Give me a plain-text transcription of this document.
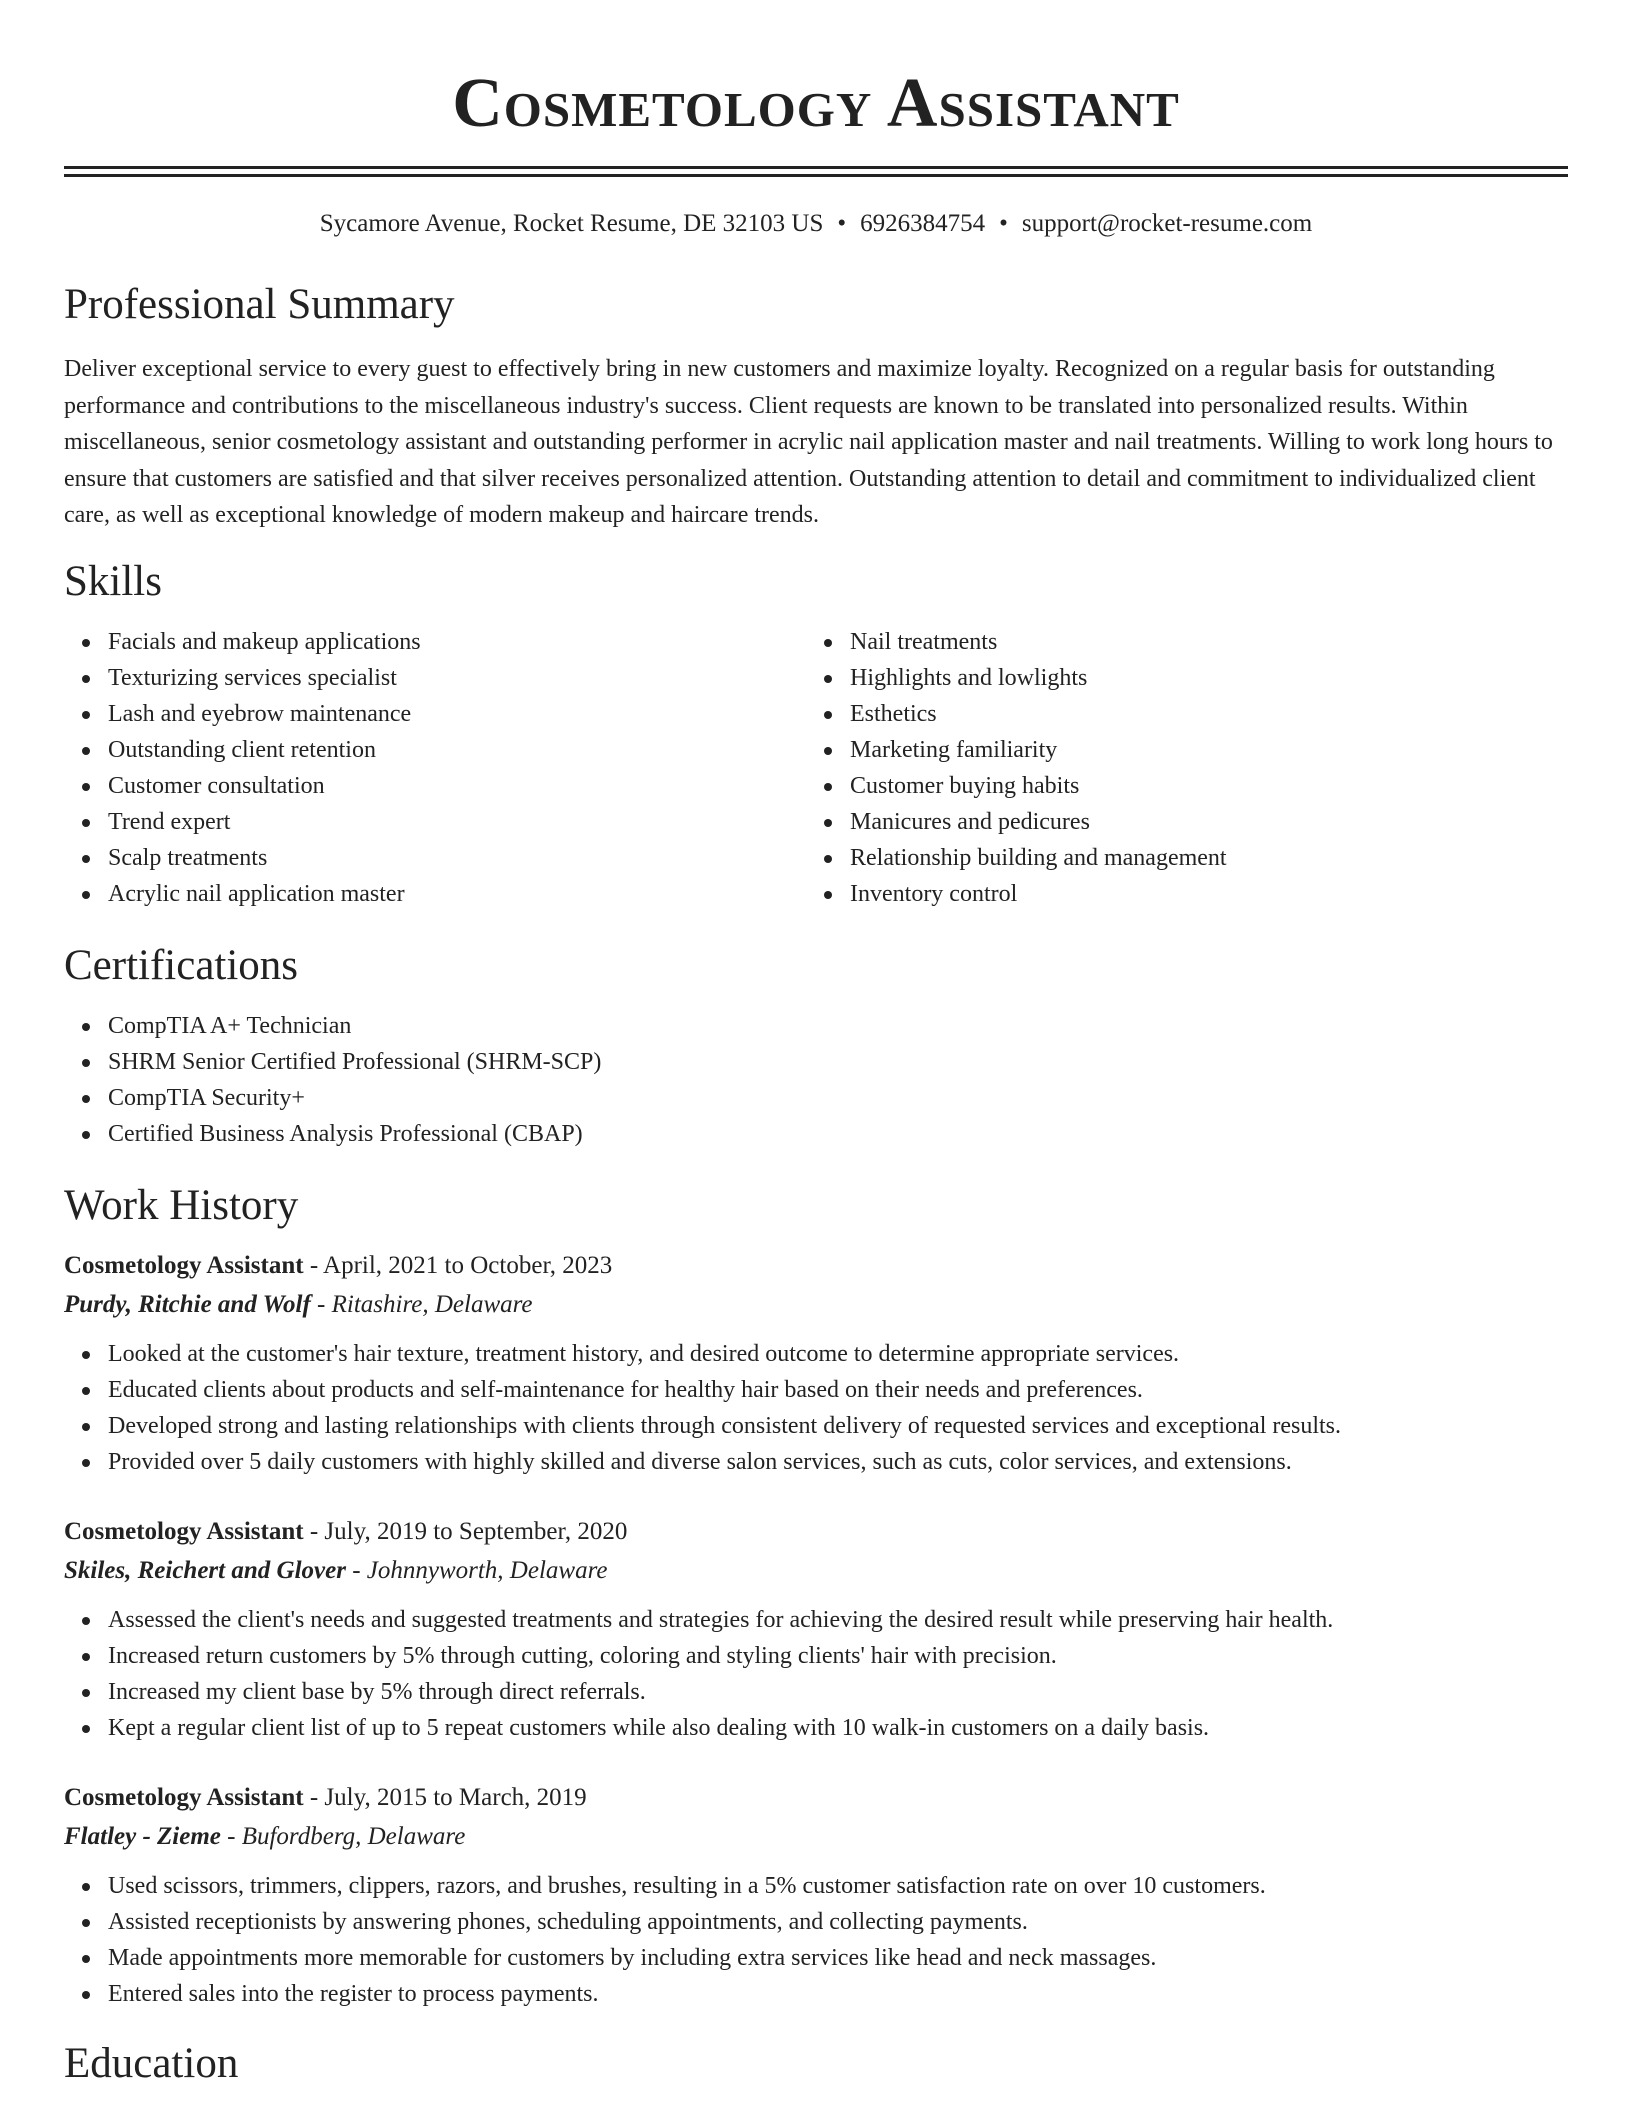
Cosmetology Assistant
Sycamore Avenue, Rocket Resume, DE 32103 US • 6926384754 • support@rocket-resume.com
Professional Summary

Deliver exceptional service to every guest to effectively bring in new customers and maximize loyalty. Recognized on a regular basis for outstanding performance and contributions to the miscellaneous industry's success. Client requests are known to be translated into personalized results. Within miscellaneous, senior cosmetology assistant and outstanding performer in acrylic nail application master and nail treatments. Willing to work long hours to ensure that customers are satisfied and that silver receives personalized attention. Outstanding attention to detail and commitment to individualized client care, as well as exceptional knowledge of modern makeup and haircare trends.

Skills
Facials and makeup applications
Texturizing services specialist
Lash and eyebrow maintenance
Outstanding client retention
Customer consultation
Trend expert
Scalp treatments
Acrylic nail application master
Nail treatments
Highlights and lowlights
Esthetics
Marketing familiarity
Customer buying habits
Manicures and pedicures
Relationship building and management
Inventory control
Certifications
CompTIA A+ Technician
SHRM Senior Certified Professional (SHRM-SCP)
CompTIA Security+
Certified Business Analysis Professional (CBAP)
Work History
Cosmetology Assistant - April, 2021 to October, 2023
Purdy, Ritchie and Wolf - Ritashire, Delaware
Looked at the customer's hair texture, treatment history, and desired outcome to determine appropriate services.
Educated clients about products and self-maintenance for healthy hair based on their needs and preferences.
Developed strong and lasting relationships with clients through consistent delivery of requested services and exceptional results.
Provided over 5 daily customers with highly skilled and diverse salon services, such as cuts, color services, and extensions.
Cosmetology Assistant - July, 2019 to September, 2020
Skiles, Reichert and Glover - Johnnyworth, Delaware
Assessed the client's needs and suggested treatments and strategies for achieving the desired result while preserving hair health.
Increased return customers by 5% through cutting, coloring and styling clients' hair with precision.
Increased my client base by 5% through direct referrals.
Kept a regular client list of up to 5 repeat customers while also dealing with 10 walk-in customers on a daily basis.
Cosmetology Assistant - July, 2015 to March, 2019
Flatley - Zieme - Bufordberg, Delaware
Used scissors, trimmers, clippers, razors, and brushes, resulting in a 5% customer satisfaction rate on over 10 customers.
Assisted receptionists by answering phones, scheduling appointments, and collecting payments.
Made appointments more memorable for customers by including extra services like head and neck massages.
Entered sales into the register to process payments.
Education
